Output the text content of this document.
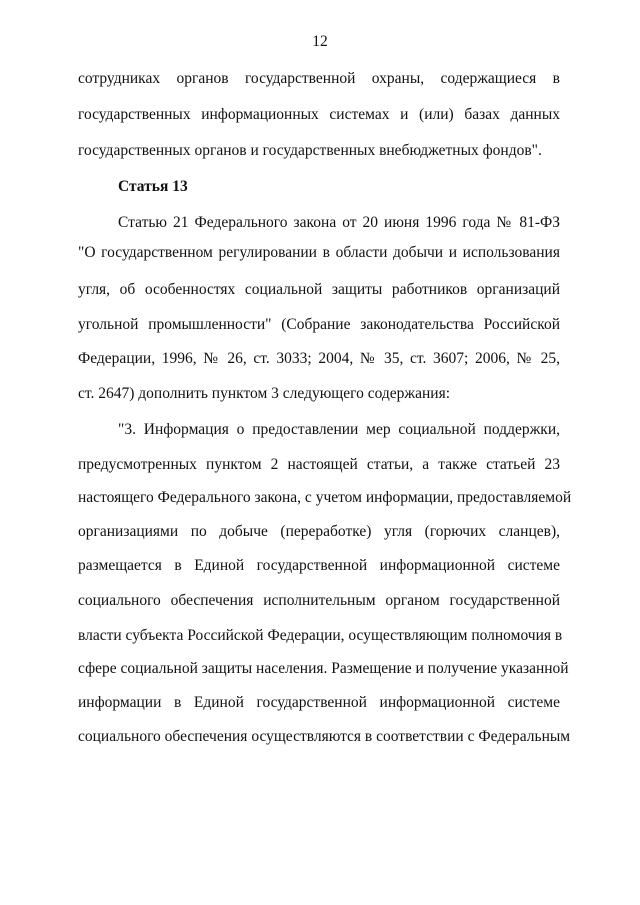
12
сотрудниках органов государственной охраны, содержащиеся в
государственных информационных системах и (или) базах данных
государственных органов и государственных внебюджетных фондов".
Статья 13
Статью 21 Федерального закона от 20 июня 1996 года № 81-ФЗ
"О государственном регулировании в области добычи и использования
угля, об особенностях социальной защиты работников организаций
угольной промышленности" (Собрание законодательства Российской
Федерации, 1996, № 26, ст. 3033; 2004, № 35, ст. 3607; 2006, № 25,
ст. 2647) дополнить пунктом 3 следующего содержания:
"3. Информация о предоставлении мер социальной поддержки,
предусмотренных пунктом 2 настоящей статьи, а также статьей 23
настоящего Федерального закона, с учетом информации, предоставляемой
организациями по добыче (переработке) угля (горючих сланцев),
размещается в Единой государственной информационной системе
социального обеспечения исполнительным органом государственной
власти субъекта Российской Федерации, осуществляющим полномочия в
сфере социальной защиты населения. Размещение и получение указанной
информации в Единой государственной информационной системе
социального обеспечения осуществляются в соответствии с Федеральным
